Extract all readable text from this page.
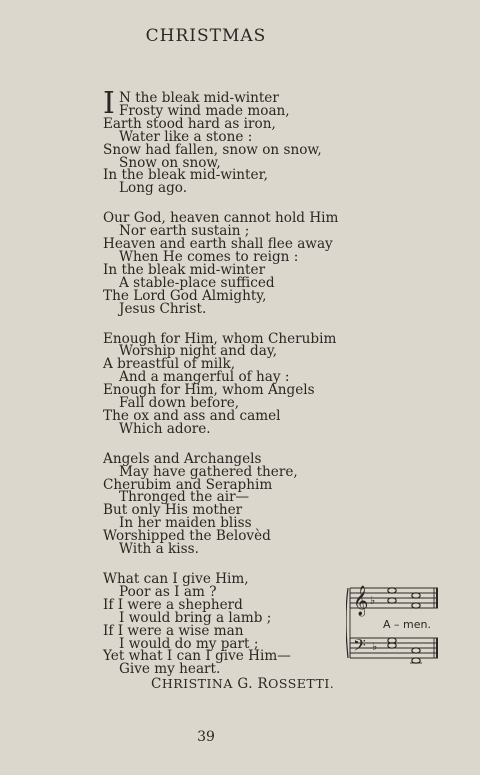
CHRISTMAS
I N the bleak mid-winter
Frosty wind made moan,
Earth stood hard as iron,
Water like a stone :
Snow had fallen, snow on snow,
Snow on snow,
In the bleak mid-winter,
Long ago.
Our God, heaven cannot hold Him
Nor earth sustain ;
Heaven and earth shall flee away
When He comes to reign :
In the bleak mid-winter
A stable-place sufficed
The Lord God Almighty,
Jesus Christ.
Enough for Him, whom Cherubim
Worship night and day,
A breastful of milk,
And a mangerful of hay :
Enough for Him, whom Angels
Fall down before,
The ox and ass and camel
Which adore.
Angels and Archangels
May have gathered there,
Cherubim and Seraphim
Thronged the air—
But only His mother
In her maiden bliss
Worshipped the Belovèd
With a kiss.
What can I give Him,
Poor as I am ?
If I were a shepherd
I would bring a lamb ;
If I were a wise man
I would do my part ;
Yet what I can I give Him—
Give my heart.
CHRISTINA G. ROSSETTI.
𝄞 ♭
𝄢 ♭
A – men.
39
